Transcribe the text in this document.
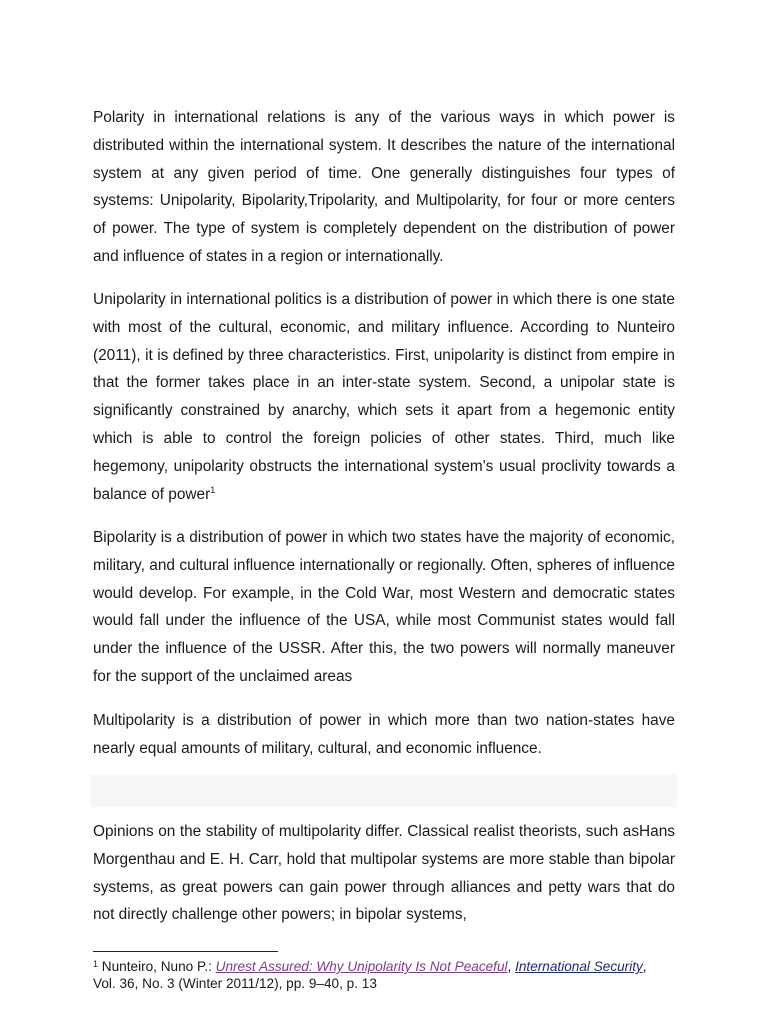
Polarity in international relations is any of the various ways in which power is distributed within the international system. It describes the nature of the international system at any given period of time. One generally distinguishes four types of systems: Unipolarity, Bipolarity,Tripolarity, and Multipolarity, for four or more centers of power. The type of system is completely dependent on the distribution of power and influence of states in a region or internationally.

Unipolarity in international politics is a distribution of power in which there is one state with most of the cultural, economic, and military influence. According to Nunteiro (2011), it is defined by three characteristics. First, unipolarity is distinct from empire in that the former takes place in an inter-state system. Second, a unipolar state is significantly constrained by anarchy, which sets it apart from a hegemonic entity which is able to control the foreign policies of other states. Third, much like hegemony, unipolarity obstructs the international system's usual proclivity towards a balance of power$^1$

Bipolarity is a distribution of power in which two states have the majority of economic, military, and cultural influence internationally or regionally. Often, spheres of influence would develop. For example, in the Cold War, most Western and democratic states would fall under the influence of the USA, while most Communist states would fall under the influence of the USSR. After this, the two powers will normally maneuver for the support of the unclaimed areas

Multipolarity is a distribution of power in which more than two nation-states have nearly equal amounts of military, cultural, and economic influence.

Opinions on the stability of multipolarity differ. Classical realist theorists, such asHans Morgenthau and E. H. Carr, hold that multipolar systems are more stable than bipolar systems, as great powers can gain power through alliances and petty wars that do not directly challenge other powers; in bipolar systems,

$^1$ Nunteiro, Nuno P.: Unrest Assured: Why Unipolarity Is Not Peaceful, International Security, Vol. 36, No. 3 (Winter 2011/12), pp. 9–40, p. 13
